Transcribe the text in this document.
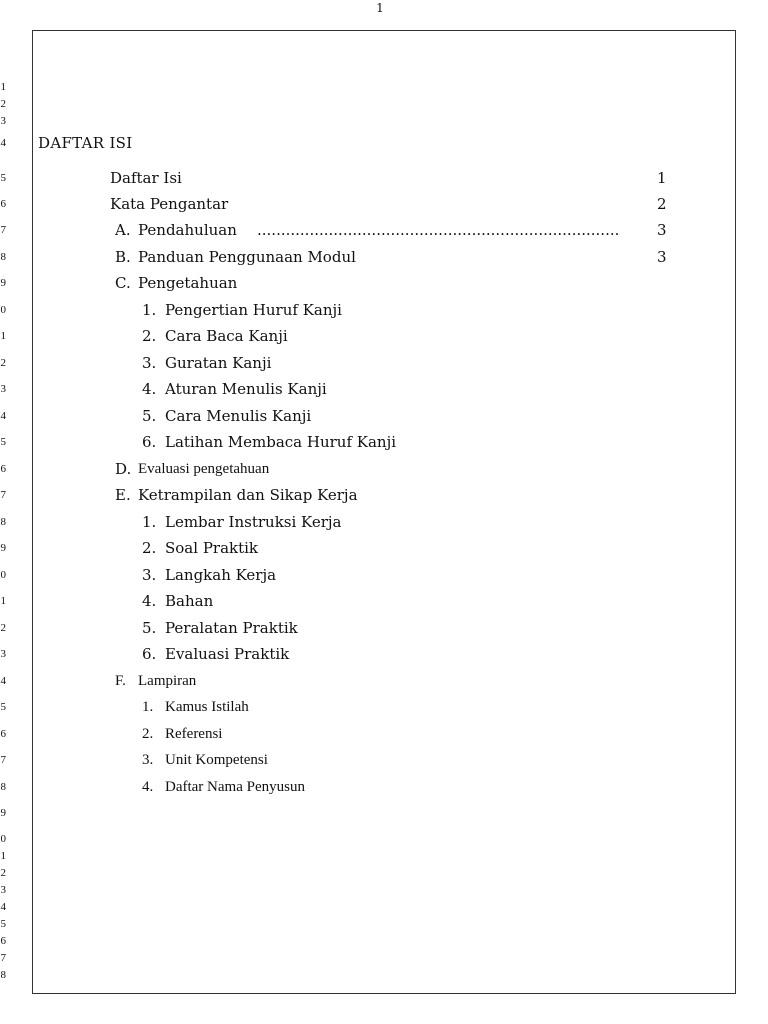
1
1
2
3
4
5
6
7
8
9
0
1
2
3
4
5
6
7
8
9
0
1
2
3
4
5
6
7
8
9
0
1
2
3
4
5
6
7
8
DAFTAR ISI
Daftar Isi	1
Kata Pengantar	2
A. Pendahuluan ............................................................................	3
B. Panduan Penggunaan Modul	3
C. Pengetahuan
1. Pengertian Huruf Kanji
2. Cara Baca Kanji
3. Guratan Kanji
4. Aturan Menulis Kanji
5. Cara Menulis Kanji
6. Latihan Membaca Huruf Kanji
D. Evaluasi pengetahuan
E. Ketrampilan dan Sikap Kerja
1. Lembar Instruksi Kerja
2. Soal Praktik
3. Langkah Kerja
4. Bahan
5. Peralatan Praktik
6. Evaluasi Praktik
F. Lampiran
1. Kamus Istilah
2. Referensi
3. Unit Kompetensi
4. Daftar Nama Penyusun
